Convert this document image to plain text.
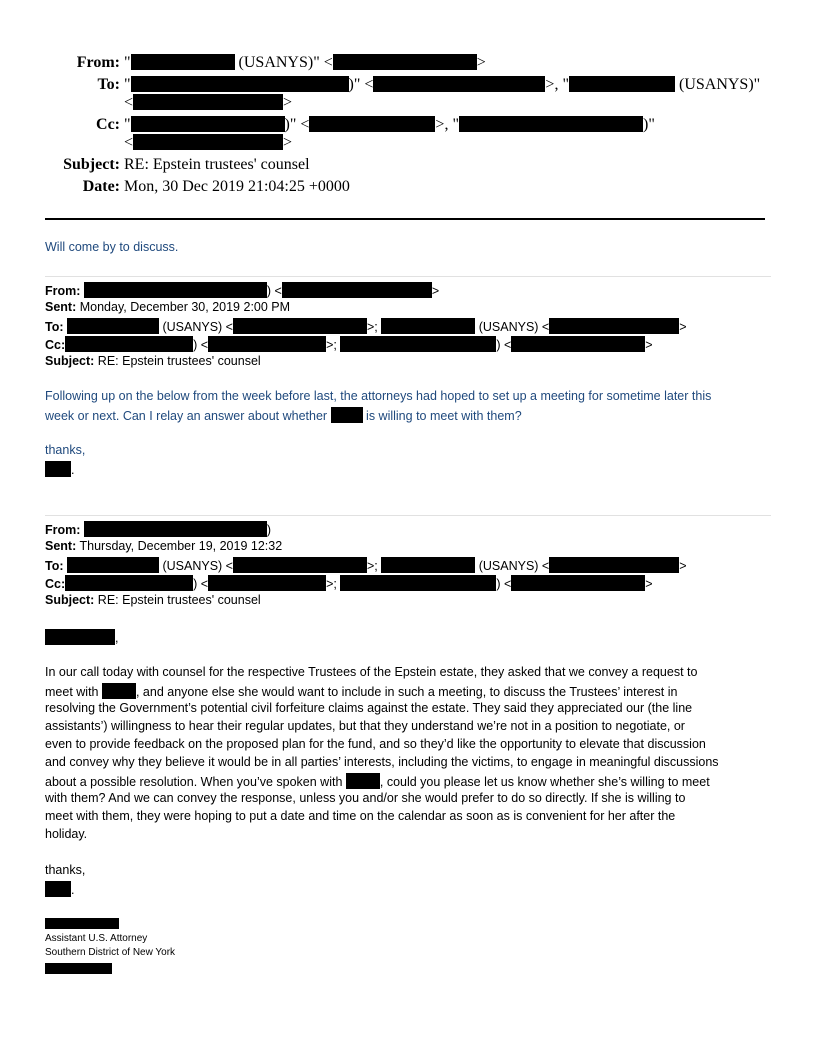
From: "	(USANYS)" <	>
To: "	)" <	>, "	(USANYS)"
<	>
Cc: "	)" <	>, "	)"
<	>
Subject: RE: Epstein trustees' counsel
Date: Mon, 30 Dec 2019 21:04:25 +0000
Will come by to discuss.
From:	) <	>
Sent: Monday, December 30, 2019 2:00 PM
To:	(USANYS) <	>;	(USANYS) <	>
Cc:	) <	>;	) <	>
Subject: RE: Epstein trustees' counsel
Following up on the below from the week before last, the attorneys had hoped to set up a meeting for sometime later this
week or next. Can I relay an answer about whether	is willing to meet with them?
thanks,
.
From:	)
Sent: Thursday, December 19, 2019 12:32
To:	(USANYS) <	>;	(USANYS) <	>
Cc:	) <	>;	) <	>
Subject: RE: Epstein trustees' counsel
,
In our call today with counsel for the respective Trustees of the Epstein estate, they asked that we convey a request to
meet with	, and anyone else she would want to include in such a meeting, to discuss the Trustees’ interest in
resolving the Government’s potential civil forfeiture claims against the estate. They said they appreciated our (the line
assistants’) willingness to hear their regular updates, but that they understand we’re not in a position to negotiate, or
even to provide feedback on the proposed plan for the fund, and so they’d like the opportunity to elevate that discussion
and convey why they believe it would be in all parties’ interests, including the victims, to engage in meaningful discussions
about a possible resolution. When you’ve spoken with	, could you please let us know whether she’s willing to meet
with them? And we can convey the response, unless you and/or she would prefer to do so directly. If she is willing to
meet with them, they were hoping to put a date and time on the calendar as soon as is convenient for her after the
holiday.
thanks,
.
Assistant U.S. Attorney
Southern District of New York
